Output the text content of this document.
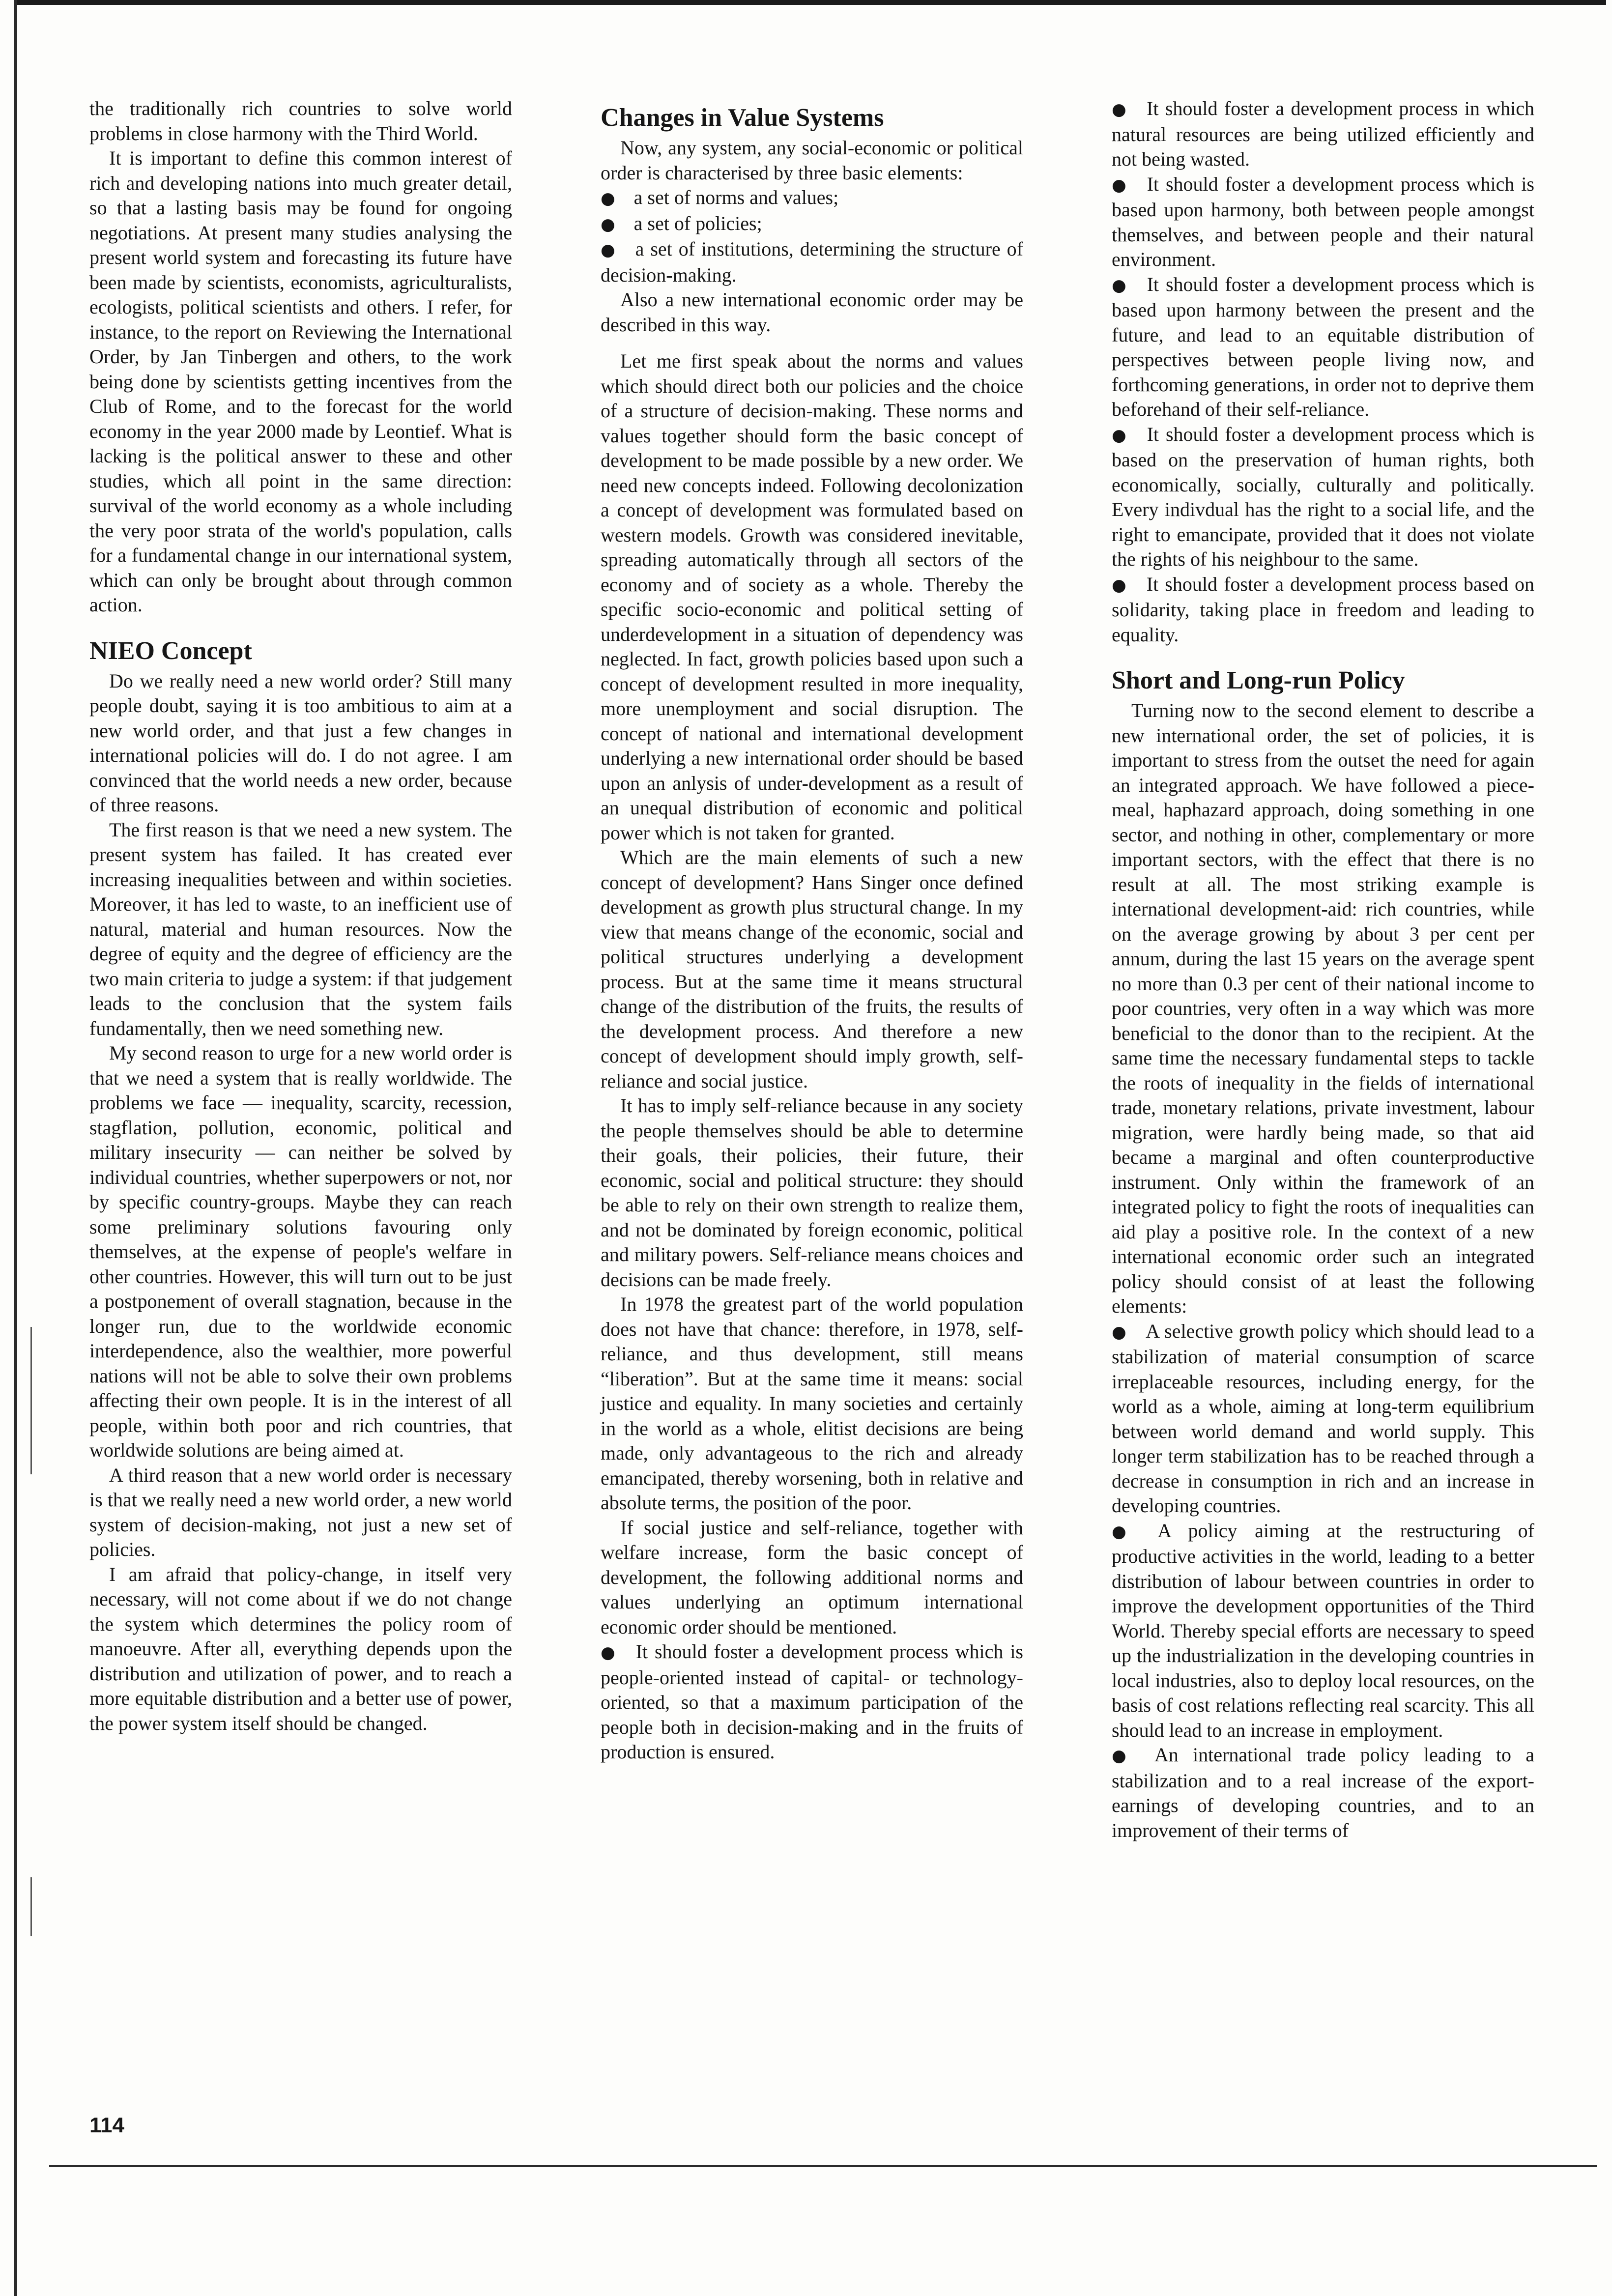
the traditionally rich countries to solve world problems in close harmony with the Third World.

It is important to define this common interest of rich and developing nations into much greater detail, so that a lasting basis may be found for ongoing negotiations. At present many studies analysing the present world system and forecasting its future have been made by scientists, economists, agriculturalists, ecologists, political scientists and others. I refer, for instance, to the report on Reviewing the International Order, by Jan Tinbergen and others, to the work being done by scientists getting incentives from the Club of Rome, and to the forecast for the world economy in the year 2000 made by Leontief. What is lacking is the political answer to these and other studies, which all point in the same direction: survival of the world economy as a whole including the very poor strata of the world's population, calls for a fundamental change in our international system, which can only be brought about through common action.

NIEO Concept

Do we really need a new world order? Still many people doubt, saying it is too ambitious to aim at a new world order, and that just a few changes in international policies will do. I do not agree. I am convinced that the world needs a new order, because of three reasons.

The first reason is that we need a new system. The present system has failed. It has created ever increasing inequalities between and within societies. Moreover, it has led to waste, to an inefficient use of natural, material and human resources. Now the degree of equity and the degree of efficiency are the two main criteria to judge a system: if that judgement leads to the conclusion that the system fails fundamentally, then we need something new.

My second reason to urge for a new world order is that we need a system that is really worldwide. The problems we face — inequality, scarcity, recession, stagflation, pollution, economic, political and military insecurity — can neither be solved by individual countries, whether superpowers or not, nor by specific country-groups. Maybe they can reach some preliminary solutions favouring only themselves, at the expense of people's welfare in other countries. However, this will turn out to be just a postponement of overall stagnation, because in the longer run, due to the worldwide economic interdependence, also the wealthier, more powerful nations will not be able to solve their own problems affecting their own people. It is in the interest of all people, within both poor and rich countries, that worldwide solutions are being aimed at.

A third reason that a new world order is necessary is that we really need a new world order, a new world system of decision-making, not just a new set of policies.

I am afraid that policy-change, in itself very necessary, will not come about if we do not change the system which determines the policy room of manoeuvre. After all, everything depends upon the distribution and utilization of power, and to reach a more equitable distribution and a better use of power, the power system itself should be changed.

Changes in Value Systems

Now, any system, any social-economic or political order is characterised by three basic elements:

● a set of norms and values;

● a set of policies;

● a set of institutions, determining the structure of decision-making.

Also a new international economic order may be described in this way.

Let me first speak about the norms and values which should direct both our policies and the choice of a structure of decision-making. These norms and values together should form the basic concept of development to be made possible by a new order. We need new concepts indeed. Following decolonization a concept of development was formulated based on western models. Growth was considered inevitable, spreading automatically through all sectors of the economy and of society as a whole. Thereby the specific socio-economic and political setting of underdevelopment in a situation of dependency was neglected. In fact, growth policies based upon such a concept of development resulted in more inequality, more unemployment and social disruption. The concept of national and international development underlying a new international order should be based upon an anlysis of under-development as a result of an unequal distribution of economic and political power which is not taken for granted.

Which are the main elements of such a new concept of development? Hans Singer once defined development as growth plus structural change. In my view that means change of the economic, social and political structures underlying a development process. But at the same time it means structural change of the distribution of the fruits, the results of the development process. And therefore a new concept of development should imply growth, self-reliance and social justice.

It has to imply self-reliance because in any society the people themselves should be able to determine their goals, their policies, their future, their economic, social and political structure: they should be able to rely on their own strength to realize them, and not be dominated by foreign economic, political and military powers. Self-reliance means choices and decisions can be made freely.

In 1978 the greatest part of the world population does not have that chance: therefore, in 1978, self-reliance, and thus development, still means “liberation”. But at the same time it means: social justice and equality. In many societies and certainly in the world as a whole, elitist decisions are being made, only advantageous to the rich and already emancipated, thereby worsening, both in relative and absolute terms, the position of the poor.

If social justice and self-reliance, together with welfare increase, form the basic concept of development, the following additional norms and values underlying an optimum international economic order should be mentioned.

● It should foster a development process which is people-oriented instead of capital- or technology-oriented, so that a maximum participation of the people both in decision-making and in the fruits of production is ensured.

● It should foster a development process in which natural resources are being utilized efficiently and not being wasted.

● It should foster a development process which is based upon harmony, both between people amongst themselves, and between people and their natural environment.

● It should foster a development process which is based upon harmony between the present and the future, and lead to an equitable distribution of perspectives between people living now, and forthcoming generations, in order not to deprive them beforehand of their self-reliance.

● It should foster a development process which is based on the preservation of human rights, both economically, socially, culturally and politically. Every indivdual has the right to a social life, and the right to emancipate, provided that it does not violate the rights of his neighbour to the same.

● It should foster a development process based on solidarity, taking place in freedom and leading to equality.

Short and Long-run Policy

Turning now to the second element to describe a new international order, the set of policies, it is important to stress from the outset the need for again an integrated approach. We have followed a piece-meal, haphazard approach, doing something in one sector, and nothing in other, complementary or more important sectors, with the effect that there is no result at all. The most striking example is international development-aid: rich countries, while on the average growing by about 3 per cent per annum, during the last 15 years on the average spent no more than 0.3 per cent of their national income to poor countries, very often in a way which was more beneficial to the donor than to the recipient. At the same time the necessary fundamental steps to tackle the roots of inequality in the fields of international trade, monetary relations, private investment, labour migration, were hardly being made, so that aid became a marginal and often counterproductive instrument. Only within the framework of an integrated policy to fight the roots of inequalities can aid play a positive role. In the context of a new international economic order such an integrated policy should consist of at least the following elements:

● A selective growth policy which should lead to a stabilization of material consumption of scarce irreplaceable resources, including energy, for the world as a whole, aiming at long-term equilibrium between world demand and world supply. This longer term stabilization has to be reached through a decrease in consumption in rich and an increase in developing countries.

● A policy aiming at the restructuring of productive activities in the world, leading to a better distribution of labour between countries in order to improve the development opportunities of the Third World. Thereby special efforts are necessary to speed up the industrialization in the developing countries in local industries, also to deploy local resources, on the basis of cost relations reflecting real scarcity. This all should lead to an increase in employment.

● An international trade policy leading to a stabilization and to a real increase of the export-earnings of developing countries, and to an improvement of their terms of

114
